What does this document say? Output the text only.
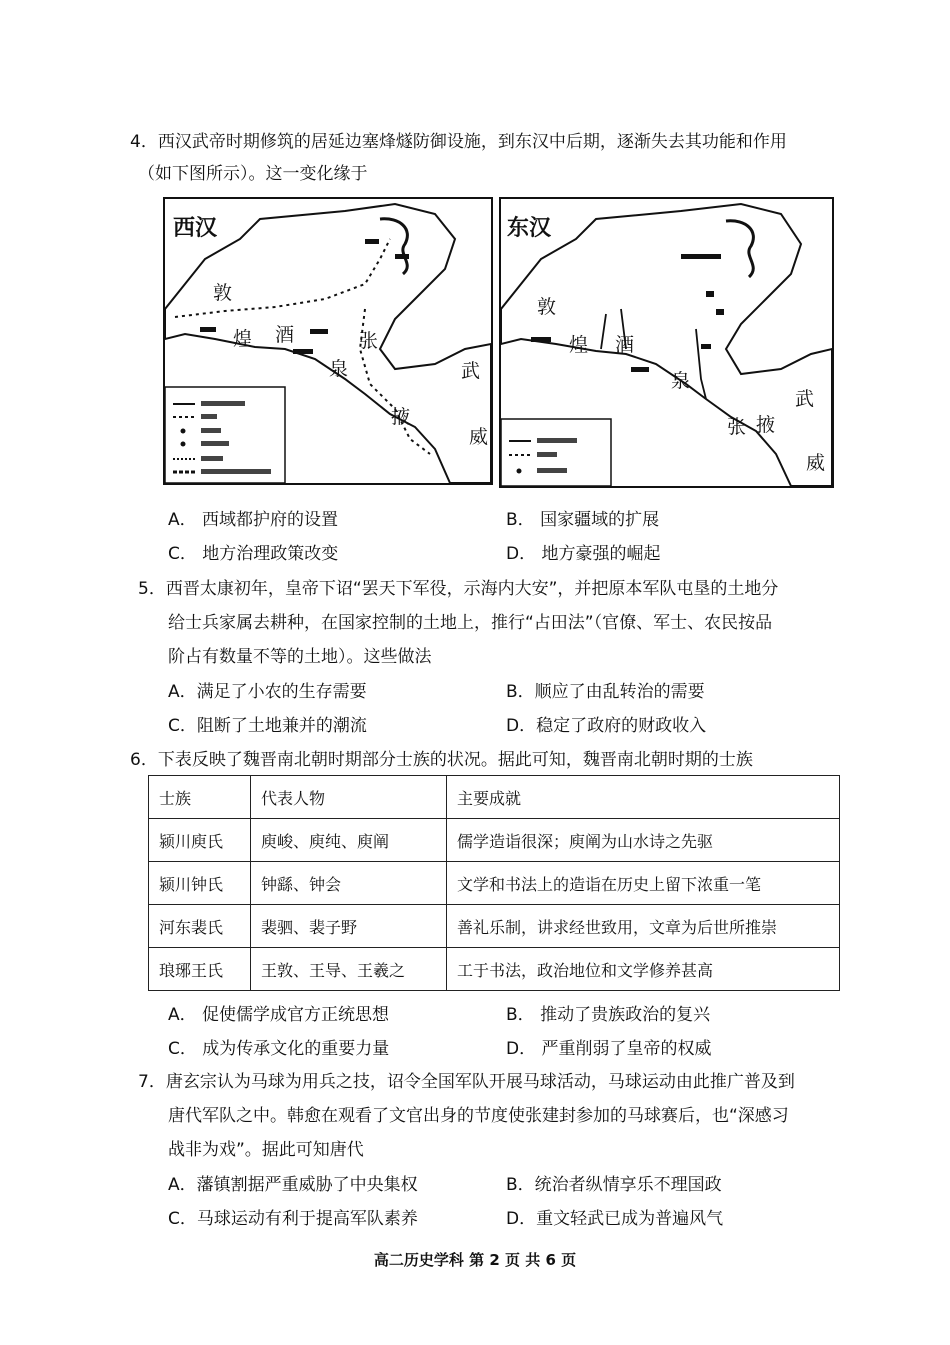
4．西汉武帝时期修筑的居延边塞烽燧防御设施，到东汉中后期，逐渐失去其功能和作用
（如下图所示）。这一变化缘于
西汉
敦
煌 酒
泉
张
掖
武
威
东汉
敦
煌 酒
泉
张 掖
武
威
A． 西域都护府的设置	B． 国家疆域的扩展
C． 地方治理政策改变	D． 地方豪强的崛起
5．西晋太康初年，皇帝下诏“罢天下军役，示海内大安”，并把原本军队屯垦的土地分
给士兵家属去耕种，在国家控制的土地上，推行“占田法”（官僚、军士、农民按品
阶占有数量不等的土地）。这些做法
A．满足了小农的生存需要	B．顺应了由乱转治的需要
C．阻断了土地兼并的潮流	D．稳定了政府的财政收入
6．下表反映了魏晋南北朝时期部分士族的状况。据此可知，魏晋南北朝时期的士族
士族	代表人物	主要成就
颍川庾氏	庾峻、庾纯、庾阐	儒学造诣很深；庾阐为山水诗之先驱
颍川钟氏	钟繇、钟会	文学和书法上的造诣在历史上留下浓重一笔
河东裴氏	裴驷、裴子野	善礼乐制，讲求经世致用，文章为后世所推崇
琅琊王氏	王敦、王导、王羲之	工于书法，政治地位和文学修养甚高
A． 促使儒学成官方正统思想	B． 推动了贵族政治的复兴
C． 成为传承文化的重要力量	D． 严重削弱了皇帝的权威
7．唐玄宗认为马球为用兵之技，诏令全国军队开展马球活动，马球运动由此推广普及到
唐代军队之中。韩愈在观看了文官出身的节度使张建封参加的马球赛后，也“深感习
战非为戏”。据此可知唐代
A．藩镇割据严重威胁了中央集权	B．统治者纵情享乐不理国政
C．马球运动有利于提高军队素养	D．重文轻武已成为普遍风气
高二历史学科 第 2 页 共 6 页
